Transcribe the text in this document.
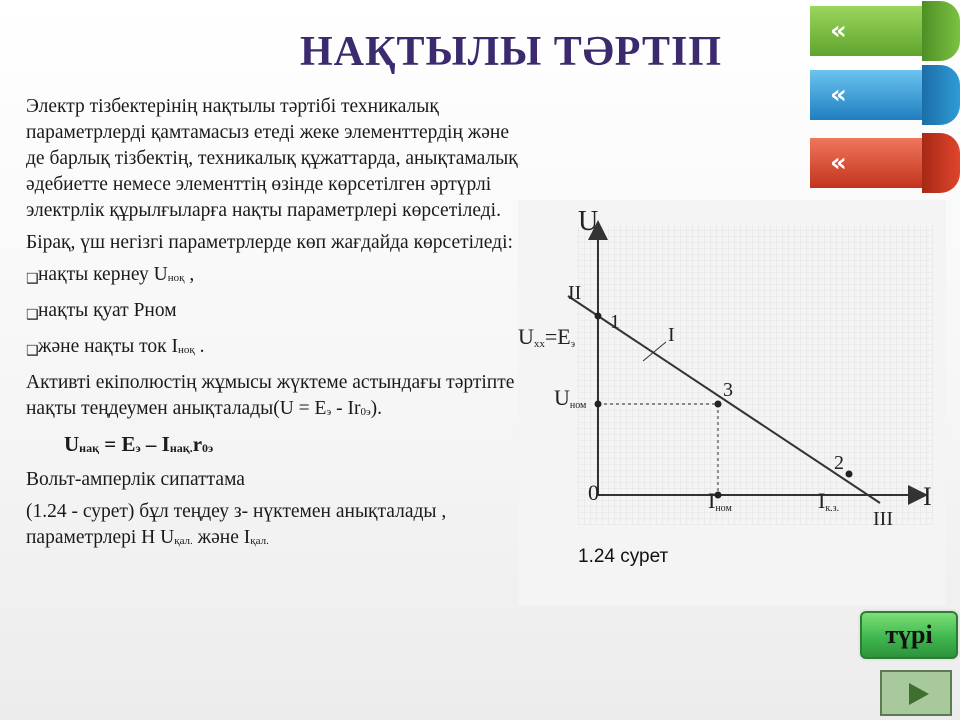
НАҚТЫЛЫ ТӘРТІП	«
«
«

Электр тізбектерінің нақтылы тәртібі техникалық параметрлерді қамтамасыз етеді жеке элементтердің және де барлық тізбектің, техникалық құжаттарда, анықтамалық әдебиетте немесе элементтің өзінде көрсетілген әртүрлі электрлік құрылғыларға нақты параметрлері көрсетіледі.

Бірақ, үш негізгі параметрлерде көп жағдайда көрсетіледі:

❑ нақты кернеу Uноқ ,
❑ нақты қуат Рном
❑ және нақты ток Iноқ .

Активті екіполюстің жұмысы жүктеме астындағы тәртіпте нақты теңдеумен анықталады(U = Eэ - Ir0э).

Uнақ = Eэ – Iнақ.r0э

Вольт-амперлік сипаттама

(1.24 - сурет) бұл теңдеу з- нүктемен анықталады , параметрлері Н Uқал. және Iқал.

U
I
0
II
I
III
1
3
2
Uxx=Eэ
Uном
Iном	Iк.з.
1.24 сурет
түрі
